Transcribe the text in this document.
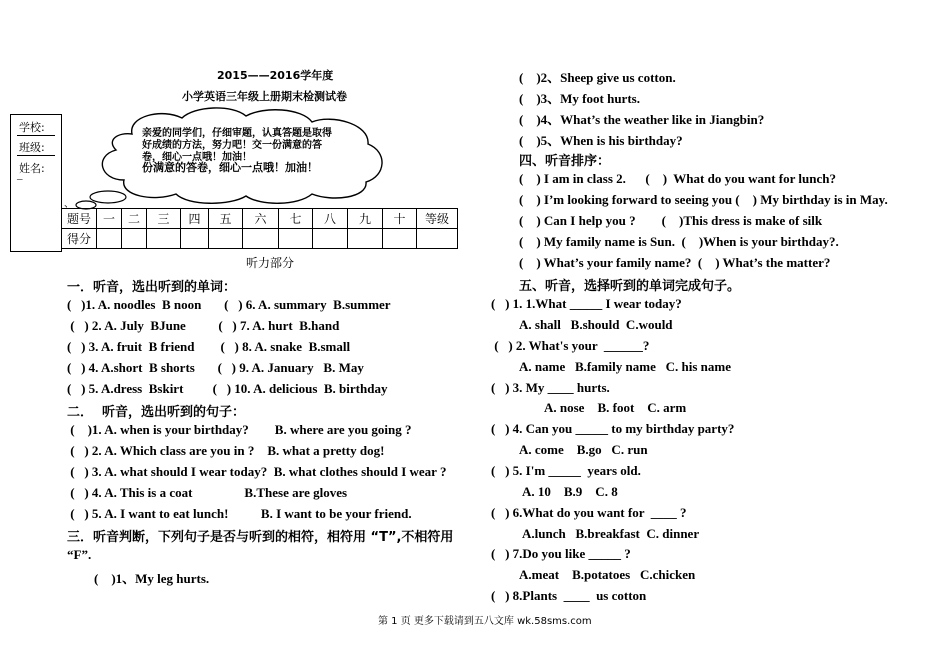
2015——2016学年度
小学英语三年级上册期末检测试卷
学校:
班级:
姓名:
–
亲爱的同学们，仔细审题，认真答题是取得
好成绩的方法，努力吧！交一份满意的答
卷，细心一点哦！加油！
份满意的答卷，细心一点哦！加油！
、
题号	一	二	三	四	五	六	七	八	九	十	等级
得分											
听力部分
一．听音，选出听到的单词：
(   )1. A. noodles  B noon       (   ) 6. A. summary  B.summer
(   ) 2. A. July  BJune          (   ) 7. A. hurt  B.hand
(   ) 3. A. fruit  B friend        (   ) 8. A. snake  B.small
(   ) 4. A.short  B shorts       (   ) 9. A. January   B. May
(   ) 5. A.dress  Bskirt         (   ) 10. A. delicious  B. birthday
二．  听音，选出听到的句子：
(    )1. A. when is your birthday?        B. where are you going ?
(   ) 2. A. Which class are you in ?    B. what a pretty dog!
(   ) 3. A. what should I wear today?  B. what clothes should I wear ?
(   ) 4. A. This is a coat                B.These are gloves
(   ) 5. A. I want to eat lunch!          B. I want to be your friend.
三．听音判断，下列句子是否与听到的相符，相符用 “T”,不相符用
“F”.
(    )1、My leg hurts.
(    )2、Sheep give us cotton.
(    )3、My foot hurts.
(    )4、What’s the weather like in Jiangbin?
(    )5、When is his birthday?
四、听音排序：
(    ) I am in class 2.      (    )  What do you want for lunch?
(    ) I’m looking forward to seeing you (    ) My birthday is in May.
(    ) Can I help you ?        (    )This dress is make of silk
(    ) My family name is Sun.  (    )When is your birthday?.
(    ) What’s your family name?  (    ) What’s the matter?
五、听音，选择听到的单词完成句子。
(   ) 1. 1.What _____ I wear today?
A. shall   B.should  C.would
(   ) 2. What's your  ______?
A. name   B.family name   C. his name
(   ) 3. My ____ hurts.
A. nose    B. foot    C. arm
(   ) 4. Can you _____ to my birthday party?
A. come    B.go   C. run
(   ) 5. I'm _____  years old.
A. 10    B.9    C. 8
(   ) 6.What do you want for  ____ ?
A.lunch   B.breakfast  C. dinner
(   ) 7.Do you like _____ ?
A.meat    B.potatoes   C.chicken
(   ) 8.Plants  ____  us cotton
第 1 页 更多下载请到五八文库 wk.58sms.com
